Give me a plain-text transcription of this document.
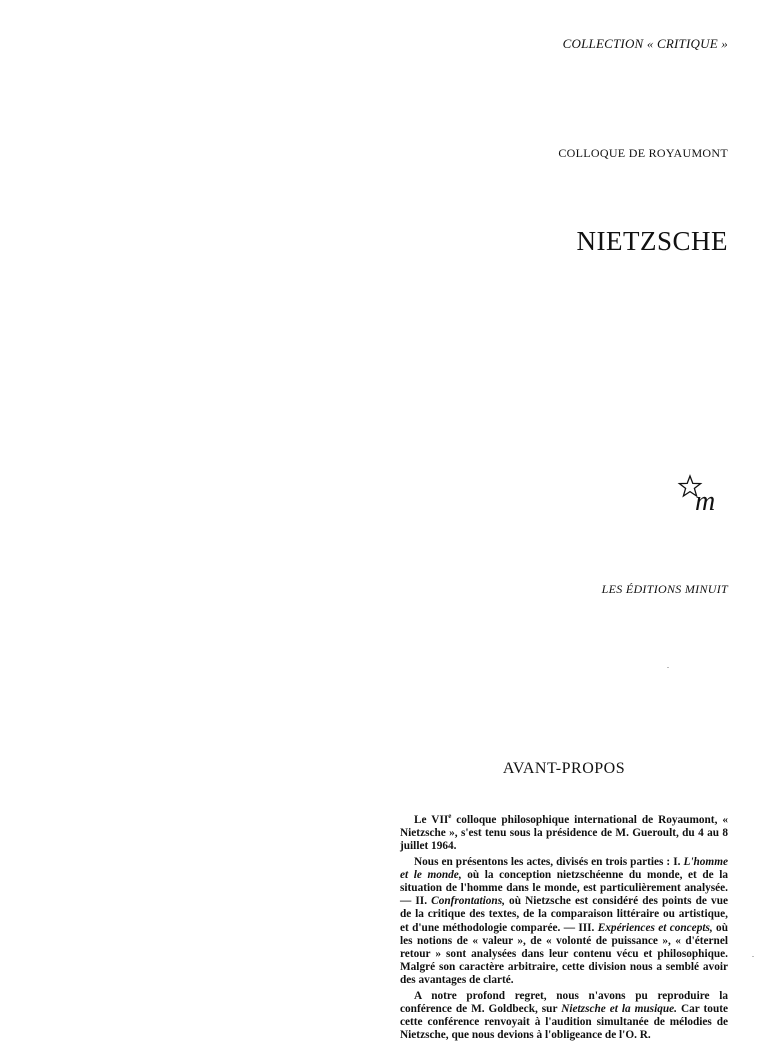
COLLECTION « CRITIQUE »
COLLOQUE DE ROYAUMONT
NIETZSCHE
m
LES ÉDITIONS MINUIT
AVANT-PROPOS

Le VIIe colloque philosophique international de Royaumont, « Nietzsche », s'est tenu sous la présidence de M. Gueroult, du 4 au 8 juillet 1964.

Nous en présentons les actes, divisés en trois parties : I. L'homme et le monde, où la conception nietzschéenne du monde, et de la situation de l'homme dans le monde, est particulièrement analysée. — II. Confrontations, où Nietzsche est considéré des points de vue de la critique des textes, de la comparaison littéraire ou artistique, et d'une méthodologie comparée. — III. Expériences et concepts, où les notions de « valeur », de « volonté de puissance », « d'éternel retour » sont analysées dans leur contenu vécu et philosophique. Malgré son caractère arbitraire, cette division nous a semblé avoir des avantages de clarté.

A notre profond regret, nous n'avons pu reproduire la conférence de M. Goldbeck, sur Nietzsche et la musique. Car toute cette conférence renvoyait à l'audition simultanée de mélodies de Nietzsche, que nous devions à l'obligeance de l'O. R.
